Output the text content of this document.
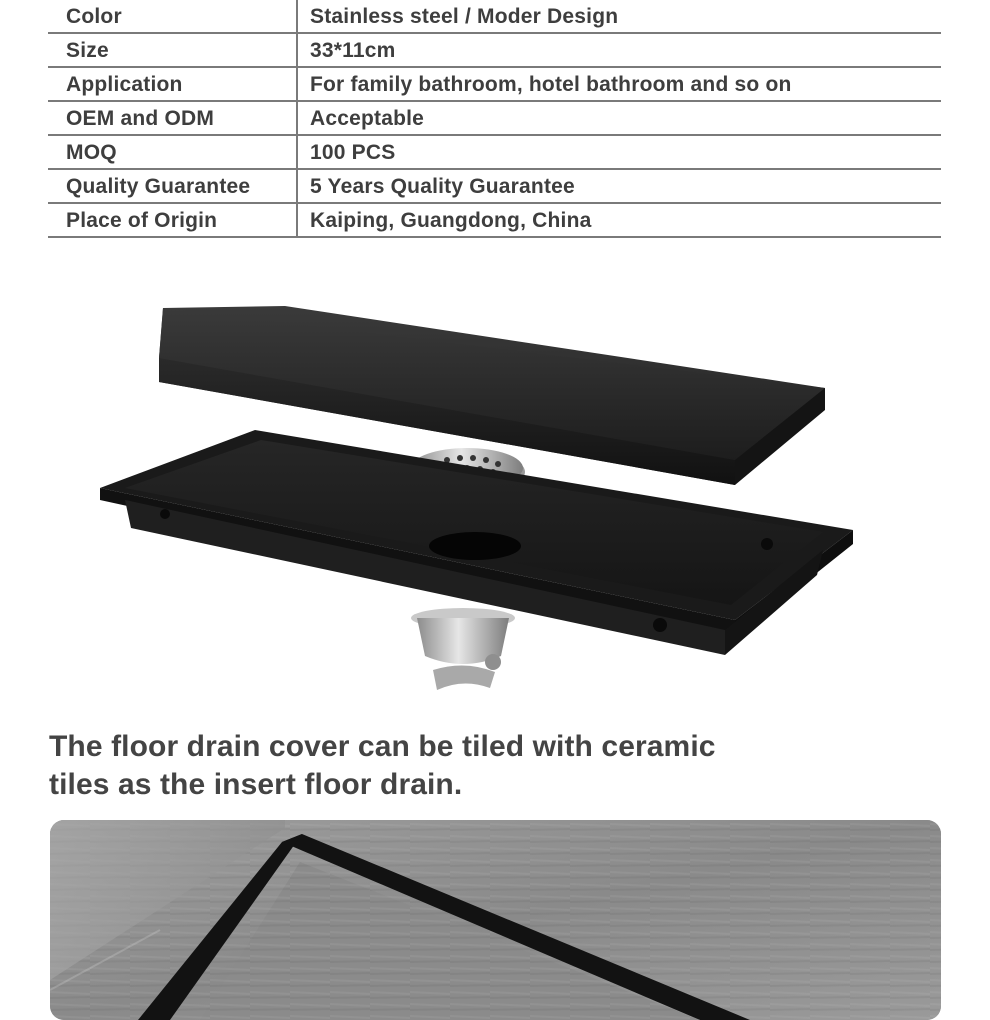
Color	Stainless steel / Moder Design
Size	33*11cm
Application	For family bathroom, hotel bathroom and so on
OEM and ODM	Acceptable
MOQ	100 PCS
Quality Guarantee	5 Years Quality Guarantee
Place of Origin	Kaiping, Guangdong, China
The floor drain cover can be tiled with ceramic
tiles as the insert floor drain.
